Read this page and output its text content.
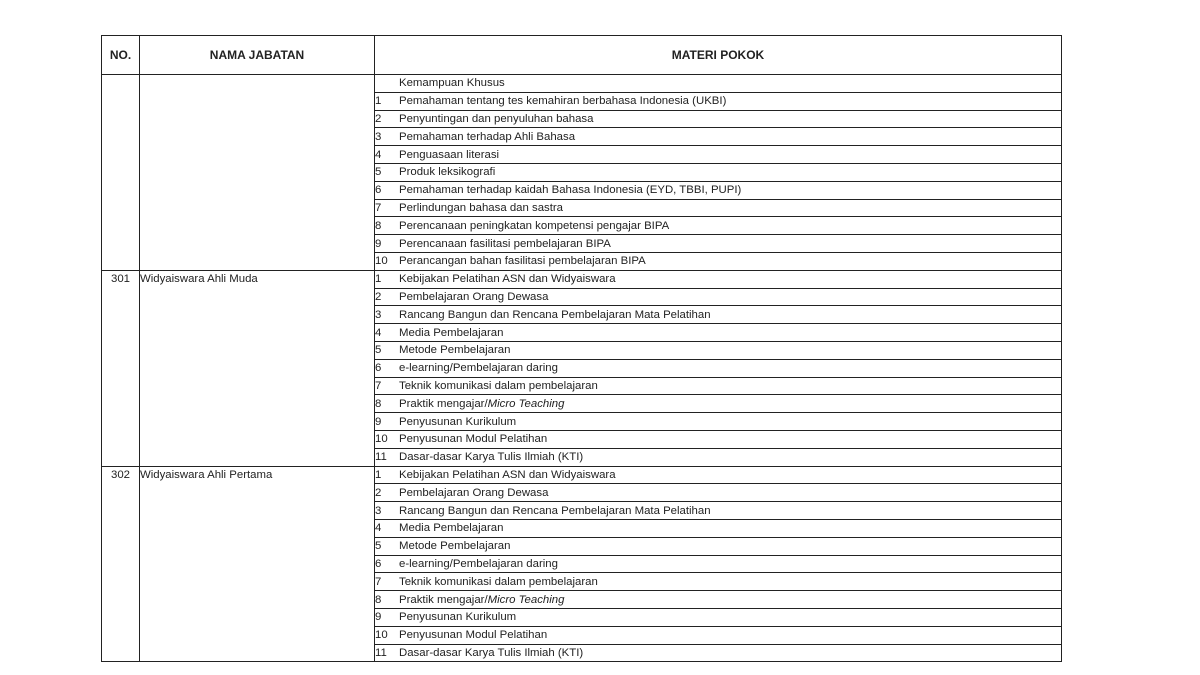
NO.	NAMA JABATAN	MATERI POKOK
		Kemampuan Khusus
		1 Pemahaman tentang tes kemahiran berbahasa Indonesia (UKBI)
		2 Penyuntingan dan penyuluhan bahasa
		3 Pemahaman terhadap Ahli Bahasa
		4 Penguasaan literasi
		5 Produk leksikografi
		6 Pemahaman terhadap kaidah Bahasa Indonesia (EYD, TBBI, PUPI)
		7 Perlindungan bahasa dan sastra
		8 Perencanaan peningkatan kompetensi pengajar BIPA
		9 Perencanaan fasilitasi pembelajaran BIPA
		10 Perancangan bahan fasilitasi pembelajaran BIPA
301	Widyaiswara Ahli Muda	1 Kebijakan Pelatihan ASN dan Widyaiswara
		2 Pembelajaran Orang Dewasa
		3 Rancang Bangun dan Rencana Pembelajaran Mata Pelatihan
		4 Media Pembelajaran
		5 Metode Pembelajaran
		6 e-learning/Pembelajaran daring
		7 Teknik komunikasi dalam pembelajaran
		8 Praktik mengajar/Micro Teaching
		9 Penyusunan Kurikulum
		10 Penyusunan Modul Pelatihan
		11 Dasar-dasar Karya Tulis Ilmiah (KTI)
302	Widyaiswara Ahli Pertama	1 Kebijakan Pelatihan ASN dan Widyaiswara
		2 Pembelajaran Orang Dewasa
		3 Rancang Bangun dan Rencana Pembelajaran Mata Pelatihan
		4 Media Pembelajaran
		5 Metode Pembelajaran
		6 e-learning/Pembelajaran daring
		7 Teknik komunikasi dalam pembelajaran
		8 Praktik mengajar/Micro Teaching
		9 Penyusunan Kurikulum
		10 Penyusunan Modul Pelatihan
		11 Dasar-dasar Karya Tulis Ilmiah (KTI)
